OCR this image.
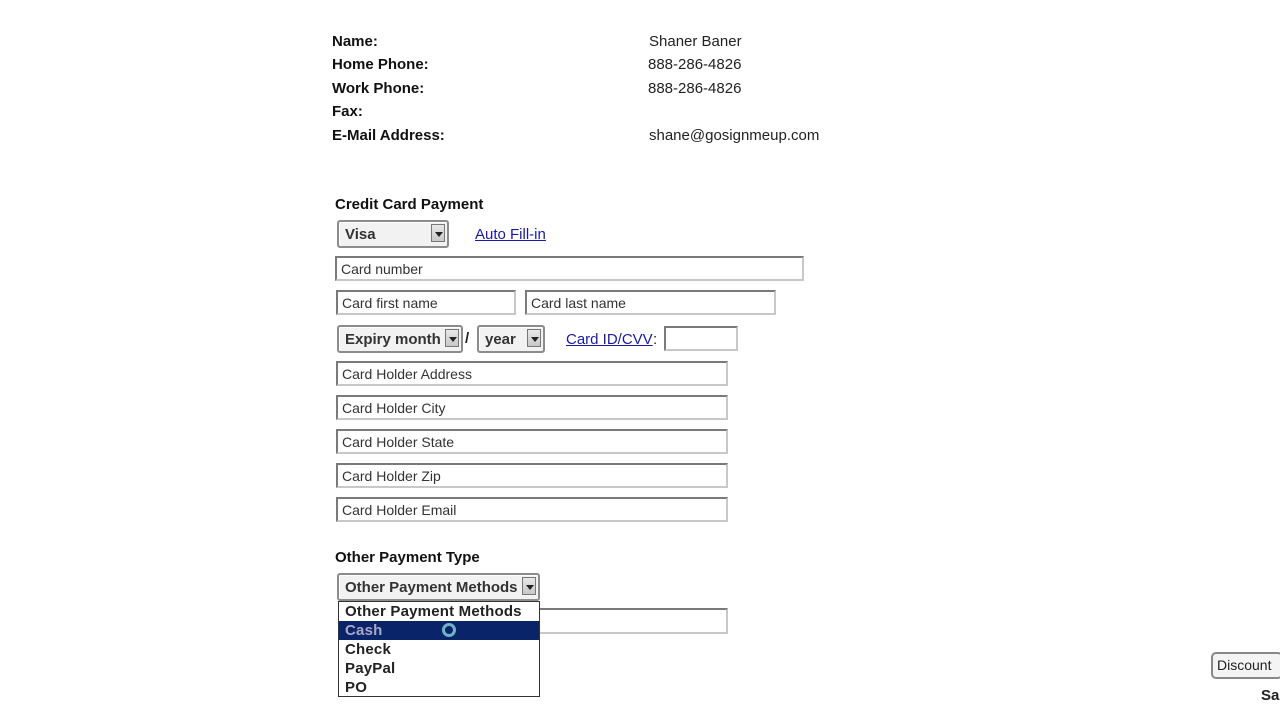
Name:	Shaner Baner
Home Phone:	888-286-4826
Work Phone:	888-286-4826
Fax:
E-Mail Address:	shane@gosignmeup.com
Credit Card Payment
Visa	Auto Fill-in
Card number
Card first name	Card last name
Expiry month / year	Card ID/CVV :
Card Holder Address
Card Holder City
Card Holder State
Card Holder Zip
Card Holder Email
Other Payment Type
Other Payment Methods
Other Payment Methods
Cash
Check
PayPal
PO
Discount
Sa
